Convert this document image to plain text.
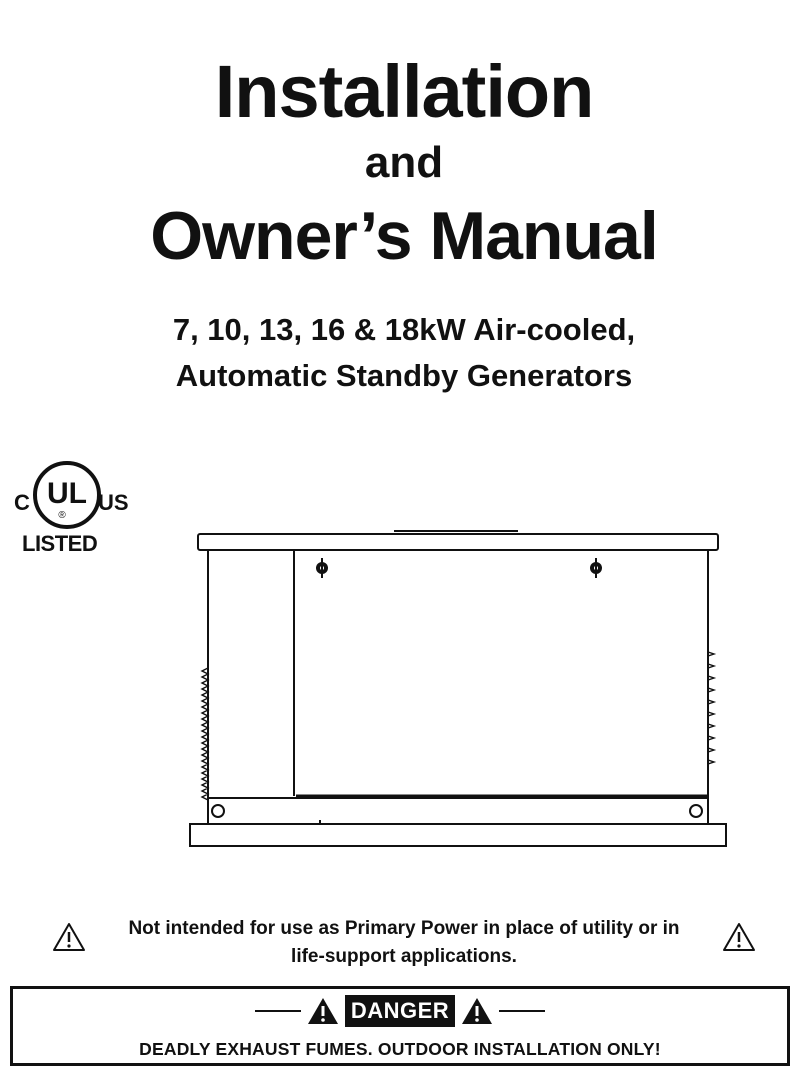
Installation
and
Owner’s Manual
7, 10, 13, 16 & 18kW Air-cooled,
Automatic Standby Generators
C UL
®
US
LISTED
Not intended for use as Primary Power in place of utility or in
life-support applications.
DANGER
DEADLY EXHAUST FUMES. OUTDOOR INSTALLATION ONLY!
